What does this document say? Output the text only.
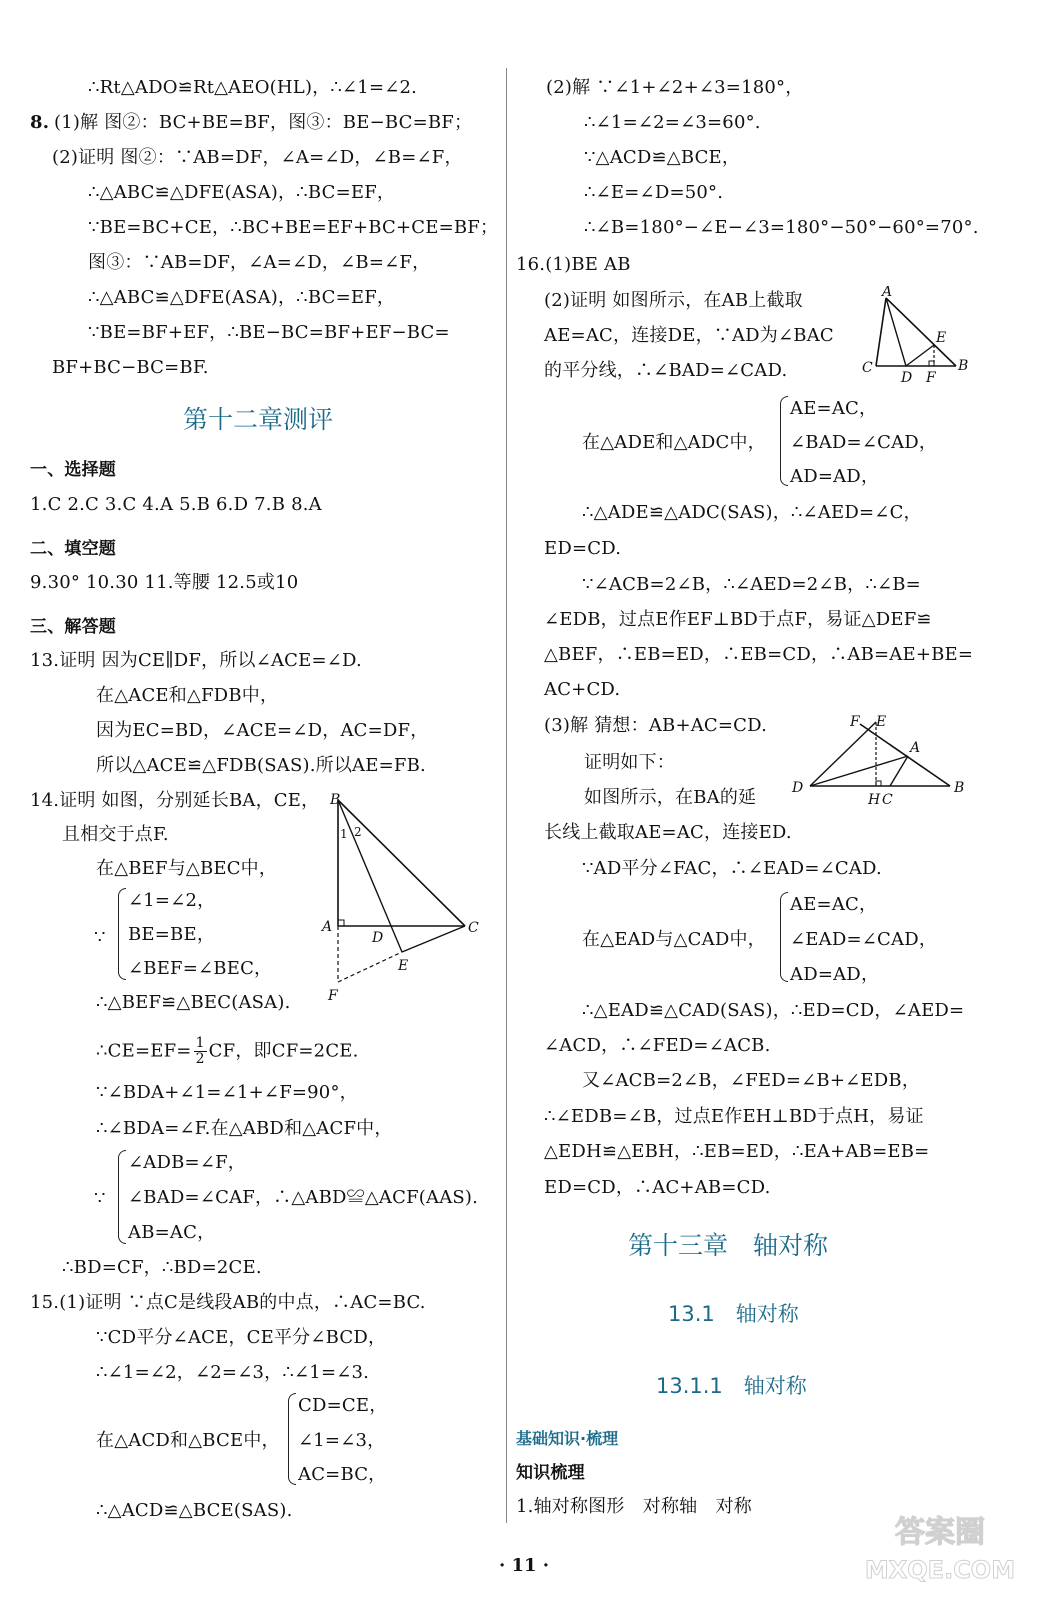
∴Rt△ADO≌Rt△AEO(HL)，∴∠1=∠2.
8. (1)解 图②：BC+BE=BF，图③：BE−BC=BF；
(2)证明 图②：∵AB=DF，∠A=∠D，∠B=∠F，
∴△ABC≌△DFE(ASA)，∴BC=EF，
∵BE=BC+CE，∴BC+BE=EF+BC+CE=BF；
图③：∵AB=DF，∠A=∠D，∠B=∠F，
∴△ABC≌△DFE(ASA)，∴BC=EF，
∵BE=BF+EF，∴BE−BC=BF+EF−BC=
BF+BC−BC=BF.
第十二章测评
一、选择题
1.C 2.C 3.C 4.A 5.B 6.D 7.B 8.A
二、填空题
9.30° 10.30 11.等腰 12.5或10
三、解答题
13.证明 因为CE∥DF，所以∠ACE=∠D.
在△ACE和△FDB中，
因为EC=BD，∠ACE=∠D，AC=DF，
所以△ACE≌△FDB(SAS).所以AE=FB.
14.证明 如图，分别延长BA，CE，
且相交于点F.
在△BEF与△BEC中，
∵
∠1=∠2，
BE=BE，
∠BEF=∠BEC，
∴△BEF≌△BEC(ASA).
∴CE=EF= $\frac{1}{2}$ CF，即CF=2CE.
∵∠BDA+∠1=∠1+∠F=90°，
∴∠BDA=∠F.在△ABD和△ACF中，
∵
∠ADB=∠F，
∠BAD=∠CAF，∴△ABD≌△ACF(AAS).
AB=AC，
∴BD=CF，∴BD=2CE.
15.(1)证明 ∵点C是线段AB的中点，∴AC=BC.
∵CD平分∠ACE，CE平分∠BCD，
∴∠1=∠2，∠2=∠3，∴∠1=∠3.
在△ACD和△BCE中，
CD=CE，
∠1=∠3，
AC=BC，
∴△ACD≌△BCE(SAS).
B
A	C
D
E
F
1 2
(2)解 ∵∠1+∠2+∠3=180°，
∴∠1=∠2=∠3=60°.
∵△ACD≌△BCE，
∴∠E=∠D=50°.
∴∠B=180°−∠E−∠3=180°−50°−60°=70°.
16.(1)BE AB
(2)证明 如图所示，在AB上截取
AE=AC，连接DE，∵AD为∠BAC
的平分线，∴∠BAD=∠CAD.
在△ADE和△ADC中，
AE=AC，
∠BAD=∠CAD，
AD=AD，
∴△ADE≌△ADC(SAS)，∴∠AED=∠C，
ED=CD.
∵∠ACB=2∠B，∴∠AED=2∠B，∴∠B=
∠EDB，过点E作EF⊥BD于点F，易证△DEF≌
△BEF，∴EB=ED，∴EB=CD，∴AB=AE+BE=
AC+CD.
(3)解 猜想：AB+AC=CD.
证明如下：
如图所示，在BA的延
长线上截取AE=AC，连接ED.
∵AD平分∠FAC，∴∠EAD=∠CAD.
在△EAD与△CAD中，
AE=AC，
∠EAD=∠CAD，
AD=AD，
∴△EAD≌△CAD(SAS)，∴ED=CD，∠AED=
∠ACD，∴∠FED=∠ACB.
又∠ACB=2∠B，∠FED=∠B+∠EDB，
∴∠EDB=∠B，过点E作EH⊥BD于点H，易证
△EDH≌△EBH，∴EB=ED，∴EA+AB=EB=
ED=CD，∴AC+AB=CD.
第十三章　轴对称
13.1　轴对称
13.1.1　轴对称
基础知识·梳理
知识梳理
1.轴对称图形　对称轴　对称
A
B
C
D
E
F
F E
A
D
H C
B
· 11 ·
答案圈
MXQE.COM
